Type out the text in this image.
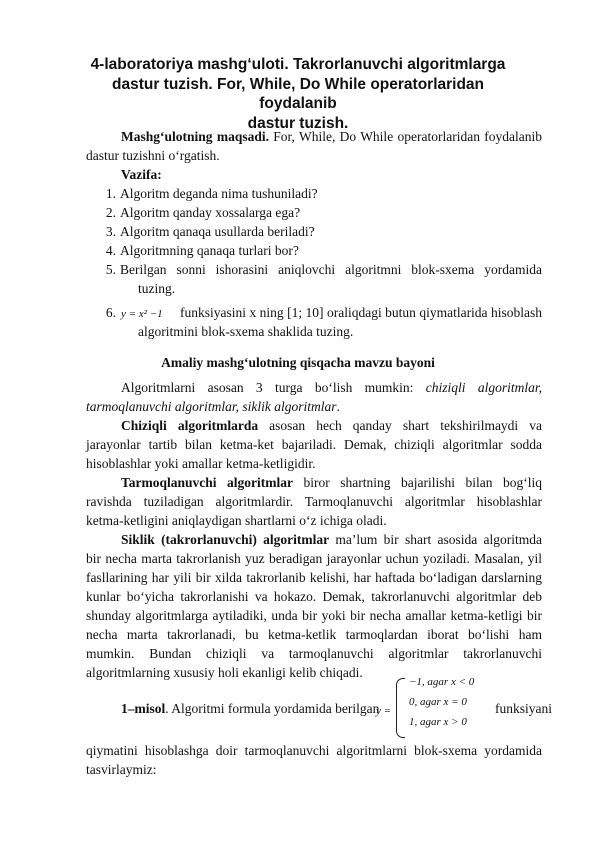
4-laboratoriya mashg‘uloti. Takrorlanuvchi algoritmlarga
dastur tuzish. For, While, Do While operatorlaridan foydalanib
dastur tuzish.
Mashg‘ulotning maqsadi. For, While, Do While operatorlaridan foydalanib
dastur tuzishni o‘rgatish.
Vazifa:
1. Algoritm deganda nima tushuniladi?
2. Algoritm qanday xossalarga ega?
3. Algoritm qanaqa usullarda beriladi?
4. Algoritmning qanaqa turlari bor?
5. Berilgan sonni ishorasini aniqlovchi algoritmni blok-sxema yordamida
tuzing.
6. y = x² −1 funksiyasini x ning [1; 10] oraliqdagi butun qiymatlarida hisoblash
algoritmini blok-sxema shaklida tuzing.
Amaliy mashg‘ulotning qisqacha mavzu bayoni
Algoritmlarni asosan 3 turga bo‘lish mumkin: chiziqli algoritmlar,
tarmoqlanuvchi algoritmlar, siklik algoritmlar.
Chiziqli algoritmlarda asosan hech qanday shart tekshirilmaydi va
jarayonlar tartib bilan ketma-ket bajariladi. Demak, chiziqli algoritmlar sodda
hisoblashlar yoki amallar ketma-ketligidir.
Tarmoqlanuvchi algoritmlar biror shartning bajarilishi bilan bog‘liq
ravishda tuziladigan algoritmlardir. Tarmoqlanuvchi algoritmlar hisoblashlar
ketma-ketligini aniqlaydigan shartlarni o‘z ichiga oladi.
Siklik (takrorlanuvchi) algoritmlar ma’lum bir shart asosida algoritmda
bir necha marta takrorlanish yuz beradigan jarayonlar uchun yoziladi. Masalan, yil
fasllarining har yili bir xilda takrorlanib kelishi, har haftada bo‘ladigan darslarning
kunlar bo‘yicha takrorlanishi va hokazo. Demak, takrorlanuvchi algoritmlar deb
shunday algoritmlarga aytiladiki, unda bir yoki bir necha amallar ketma-ketligi bir
necha marta takrorlanadi, bu ketma-ketlik tarmoqlardan iborat bo‘lishi ham
mumkin. Bundan chiziqli va tarmoqlanuvchi algoritmlar takrorlanuvchi
algoritmlarning xususiy holi ekanligi kelib chiqadi.
1–misol. Algoritmi formula yordamida berilgan
y =
−1, agar x < 0
0, agar x = 0
1, agar x > 0
funksiyani
qiymatini hisoblashga doir tarmoqlanuvchi algoritmlarni blok-sxema yordamida
tasvirlaymiz:
